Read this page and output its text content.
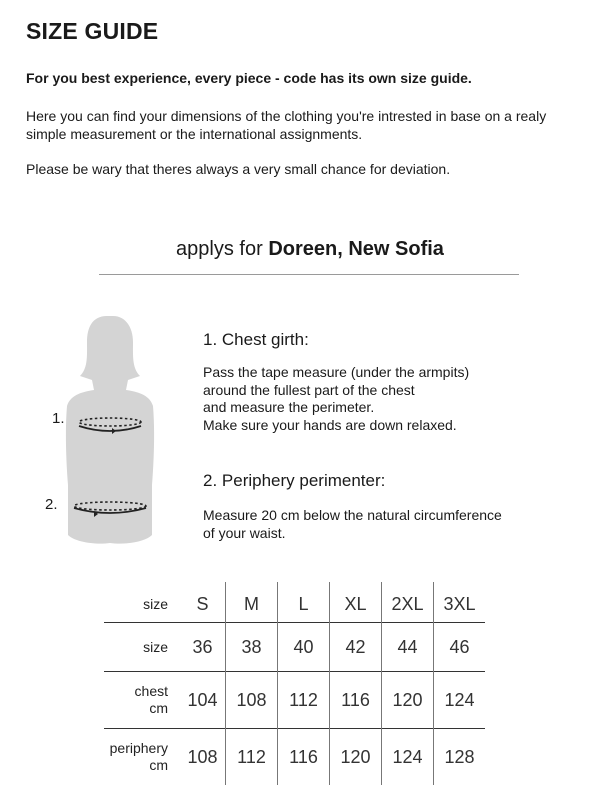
SIZE GUIDE
For you best experience, every piece - code has its own size guide.
Here you can find your dimensions of the clothing you're intrested in base on a realy simple measurement or the international assignments.
Please be wary that theres always a very small chance for deviation.
applys for Doreen, New Sofia
1.
2.
1. Chest girth:
Pass the tape measure (under the armpits)
around the fullest part of the chest
and measure the perimeter.
Make sure your hands are down relaxed.
2. Periphery perimenter:
Measure 20 cm below the natural circumference
of your waist.
size	S	M	L	XL	2XL	3XL
size	36	38	40	42	44	46

chest
cm	104	108	112	116	120	124

periphery
cm	108	112	116	120	124	128
